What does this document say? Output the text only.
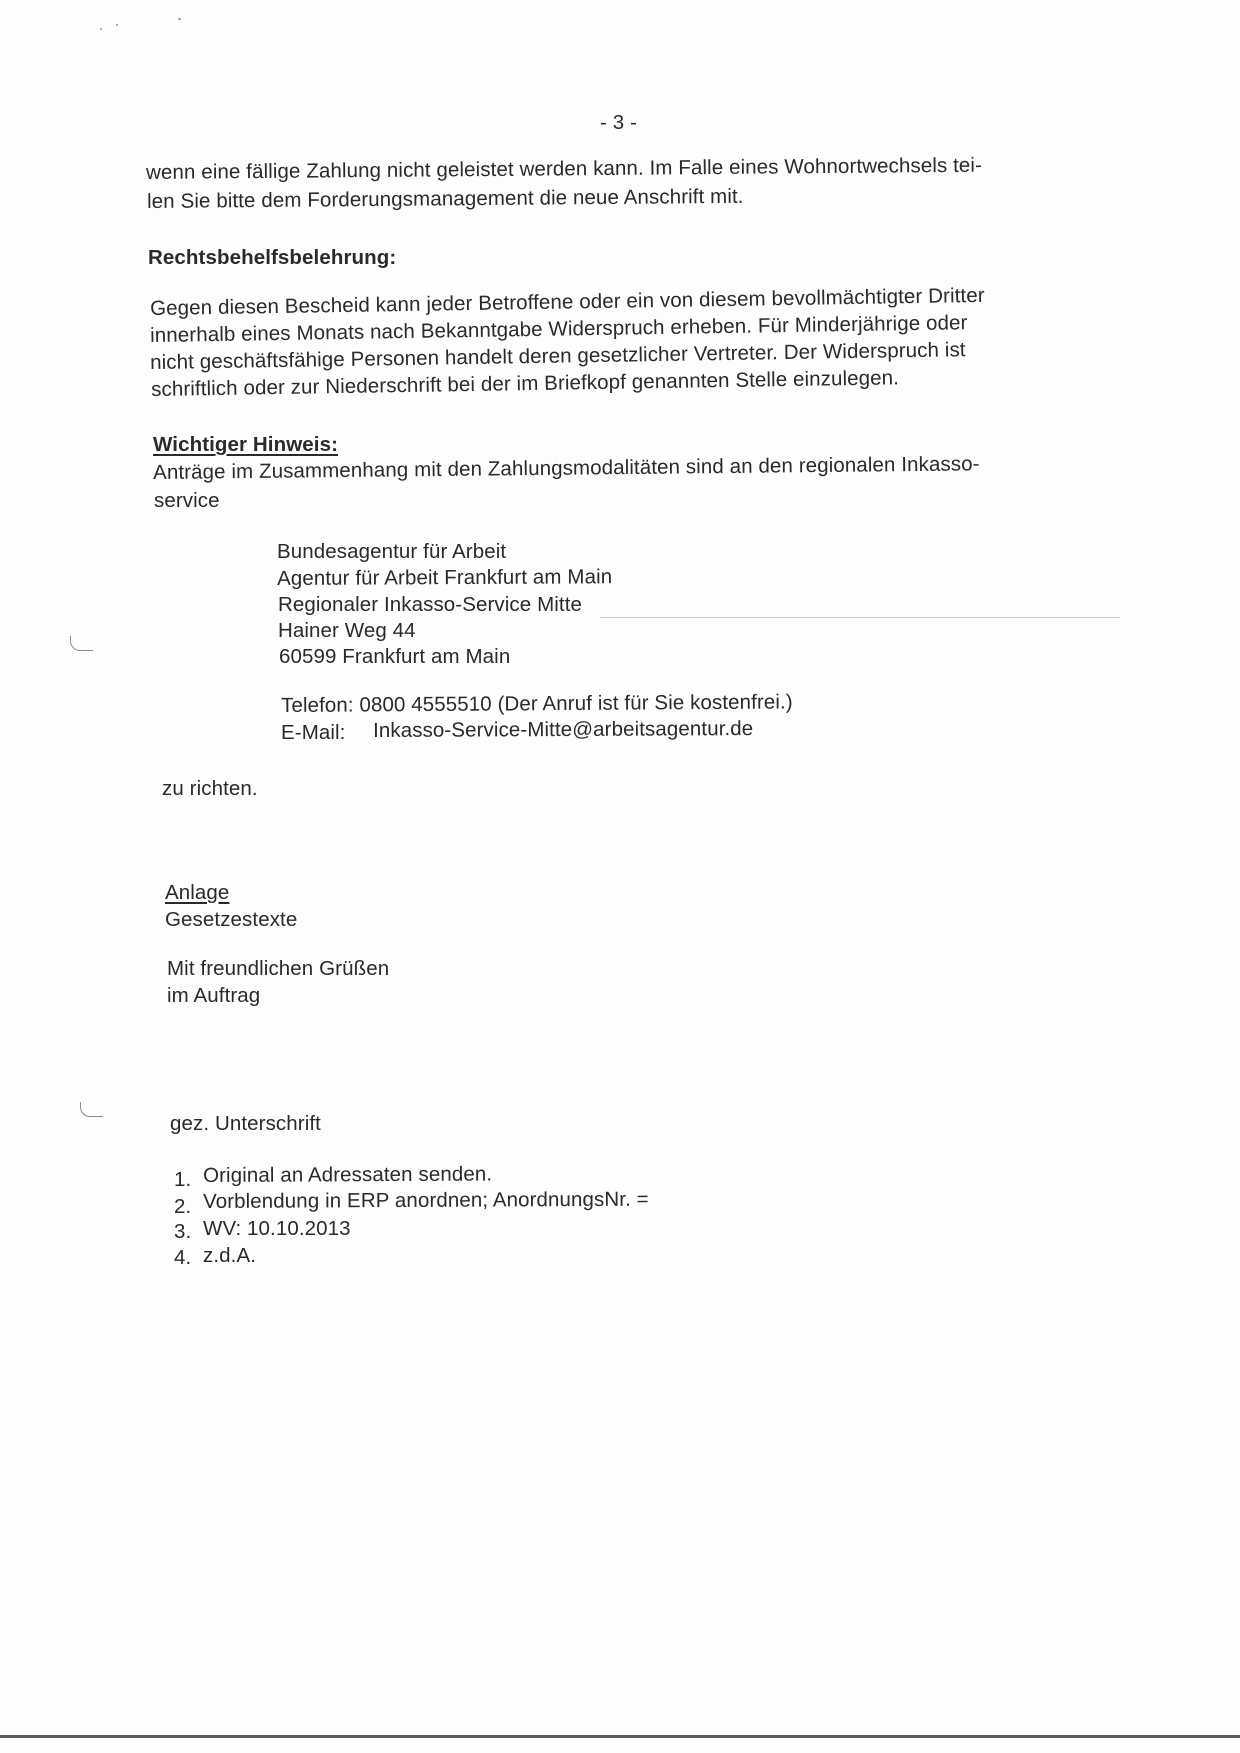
- 3 -
wenn eine fällige Zahlung nicht geleistet werden kann. Im Falle eines Wohnortwechsels tei-
len Sie bitte dem Forderungsmanagement die neue Anschrift mit.
Rechtsbehelfsbelehrung:
Gegen diesen Bescheid kann jeder Betroffene oder ein von diesem bevollmächtigter Dritter
innerhalb eines Monats nach Bekanntgabe Widerspruch erheben. Für Minderjährige oder
nicht geschäftsfähige Personen handelt deren gesetzlicher Vertreter. Der Widerspruch ist
schriftlich oder zur Niederschrift bei der im Briefkopf genannten Stelle einzulegen.
Wichtiger Hinweis:
Anträge im Zusammenhang mit den Zahlungsmodalitäten sind an den regionalen Inkasso-
service
Bundesagentur für Arbeit
Agentur für Arbeit Frankfurt am Main
Regionaler Inkasso-Service Mitte
Hainer Weg 44
60599 Frankfurt am Main
Telefon: 0800 4555510 (Der Anruf ist für Sie kostenfrei.)
E-Mail: Inkasso-Service-Mitte@arbeitsagentur.de
zu richten.
Anlage
Gesetzestexte
Mit freundlichen Grüßen
im Auftrag
gez. Unterschrift
1. Original an Adressaten senden.
2. Vorblendung in ERP anordnen; AnordnungsNr. =
3. WV: 10.10.2013
4. z.d.A.
